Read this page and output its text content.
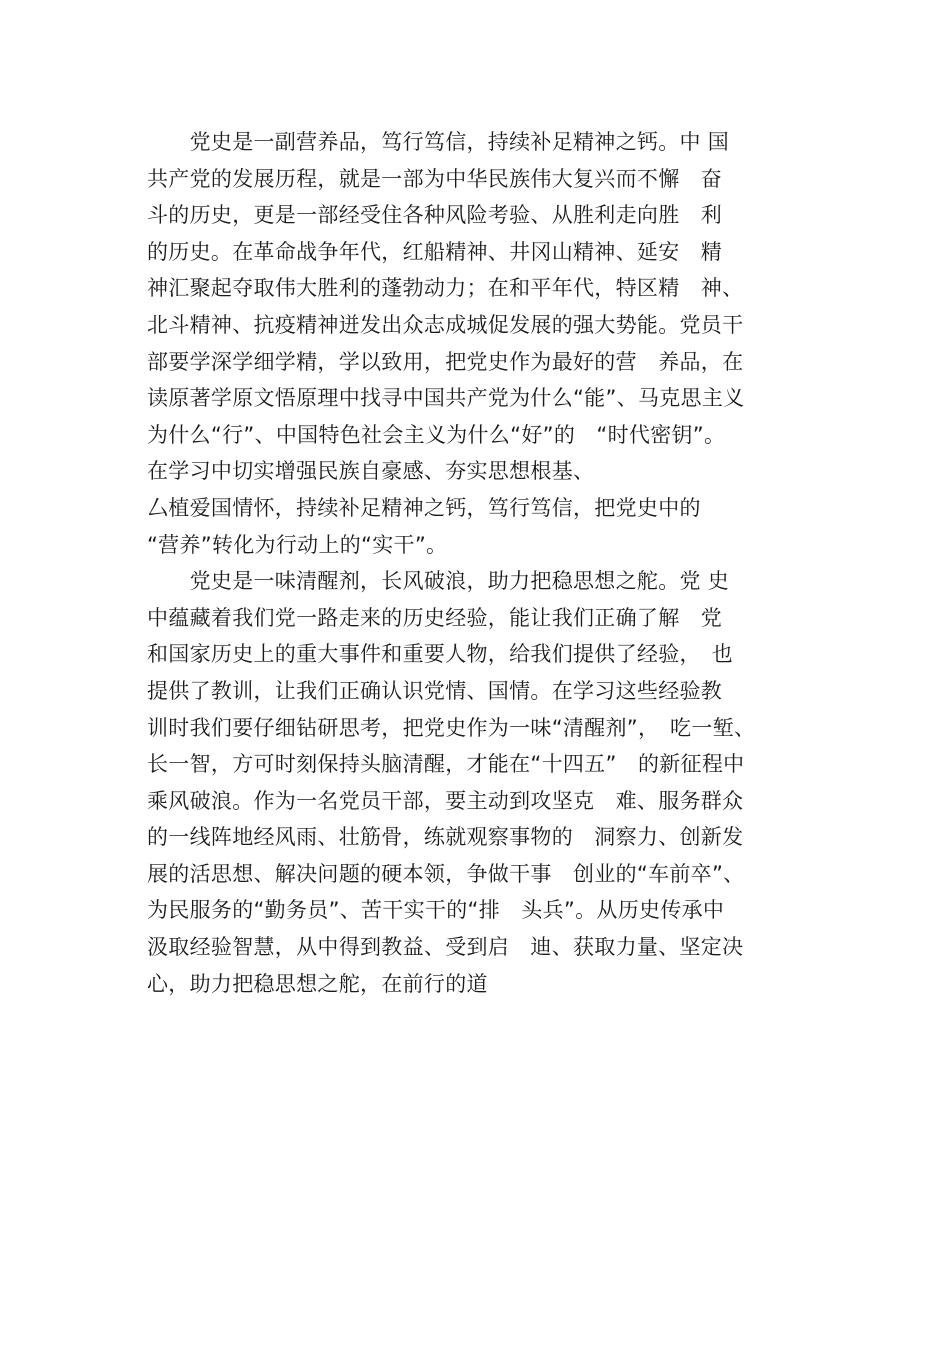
　　党史是一副营养品，笃行笃信，持续补足精神之钙。中 国
共产党的发展历程，就是一部为中华民族伟大复兴而不懈　奋
斗的历史，更是一部经受住各种风险考验、从胜利走向胜　利
的历史。在革命战争年代，红船精神、井冈山精神、延安　精
神汇聚起夺取伟大胜利的蓬勃动力；在和平年代，特区精　神、
北斗精神、抗疫精神迸发出众志成城促发展的强大势能。党员干
部要学深学细学精，学以致用，把党史作为最好的营　养品，在
读原著学原文悟原理中找寻中国共产党为什么“能”、马克思主义
为什么“行”、中国特色社会主义为什么“好”的　“时代密钥”。
在学习中切实增强民族自豪感、夯实思想根基、
厶植爱国情怀，持续补足精神之钙，笃行笃信，把党史中的
“营养”转化为行动上的“实干”。
　　党史是一味清醒剂，长风破浪，助力把稳思想之舵。党 史
中蕴藏着我们党一路走来的历史经验，能让我们正确了解　党
和国家历史上的重大事件和重要人物，给我们提供了经验，　也
提供了教训，让我们正确认识党情、国情。在学习这些经验教
训时我们要仔细钻研思考，把党史作为一味“清醒剂”，　吃一堑、
长一智，方可时刻保持头脑清醒，才能在“十四五”　的新征程中
乘风破浪。作为一名党员干部，要主动到攻坚克　难、服务群众
的一线阵地经风雨、壮筋骨，练就观察事物的　洞察力、创新发
展的活思想、解决问题的硬本领，争做干事　创业的“车前卒”、
为民服务的“勤务员”、苦干实干的“排　头兵”。从历史传承中
汲取经验智慧，从中得到教益、受到启　迪、获取力量、坚定决
心，助力把稳思想之舵，在前行的道
